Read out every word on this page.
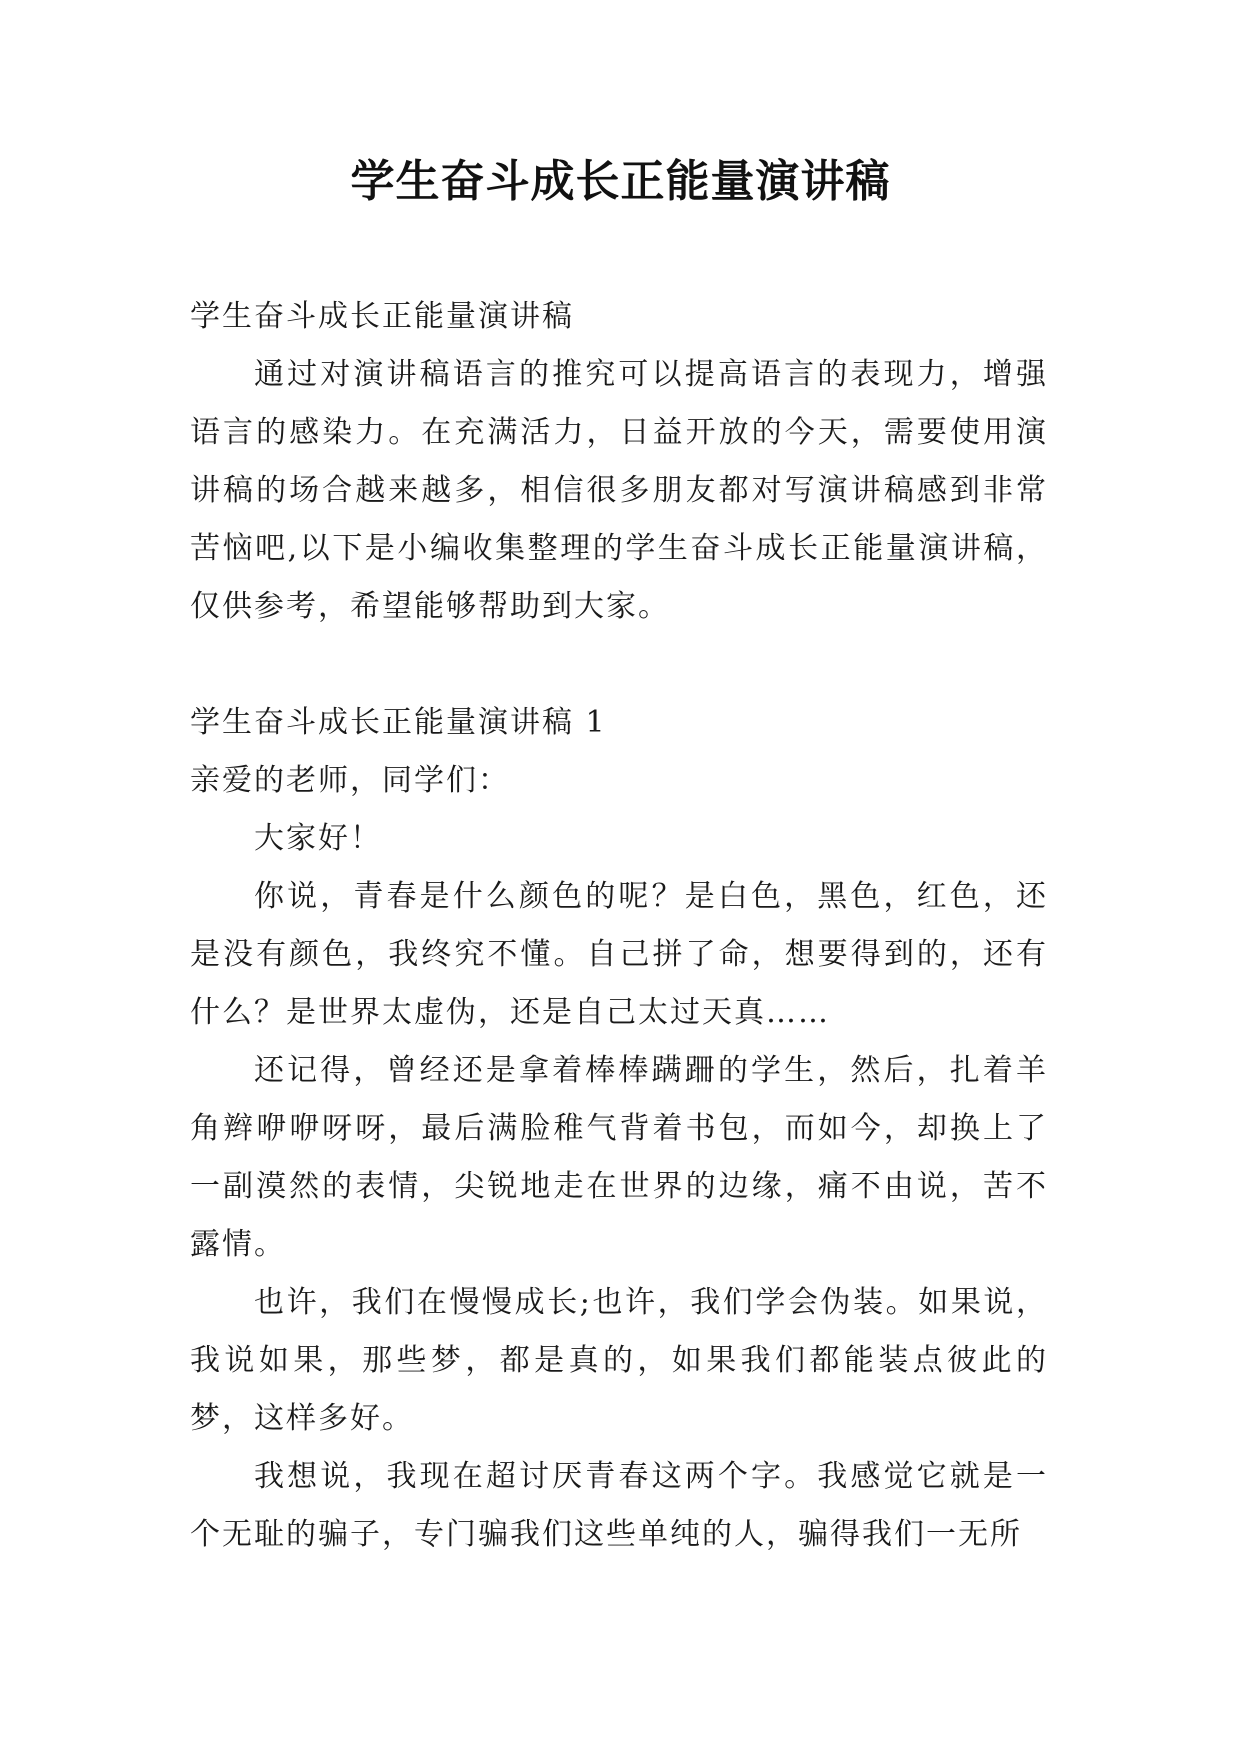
学生奋斗成长正能量演讲稿

学生奋斗成长正能量演讲稿

通过对演讲稿语言的推究可以提高语言的表现力，增强语言的感染力。在充满活力，日益开放的今天，需要使用演讲稿的场合越来越多，相信很多朋友都对写演讲稿感到非常苦恼吧,以下是小编收集整理的学生奋斗成长正能量演讲稿，仅供参考，希望能够帮助到大家。

学生奋斗成长正能量演讲稿 1

亲爱的老师，同学们：

大家好！

你说，青春是什么颜色的呢？是白色，黑色，红色，还是没有颜色，我终究不懂。自己拼了命，想要得到的，还有什么？是世界太虚伪，还是自己太过天真……

还记得，曾经还是拿着棒棒蹒跚的学生，然后，扎着羊角辫咿咿呀呀，最后满脸稚气背着书包，而如今，却换上了一副漠然的表情，尖锐地走在世界的边缘，痛不由说，苦不露情。

也许，我们在慢慢成长;也许，我们学会伪装。如果说，我说如果，那些梦，都是真的，如果我们都能装点彼此的梦，这样多好。

我想说，我现在超讨厌青春这两个字。我感觉它就是一个无耻的骗子，专门骗我们这些单纯的人，骗得我们一无所
